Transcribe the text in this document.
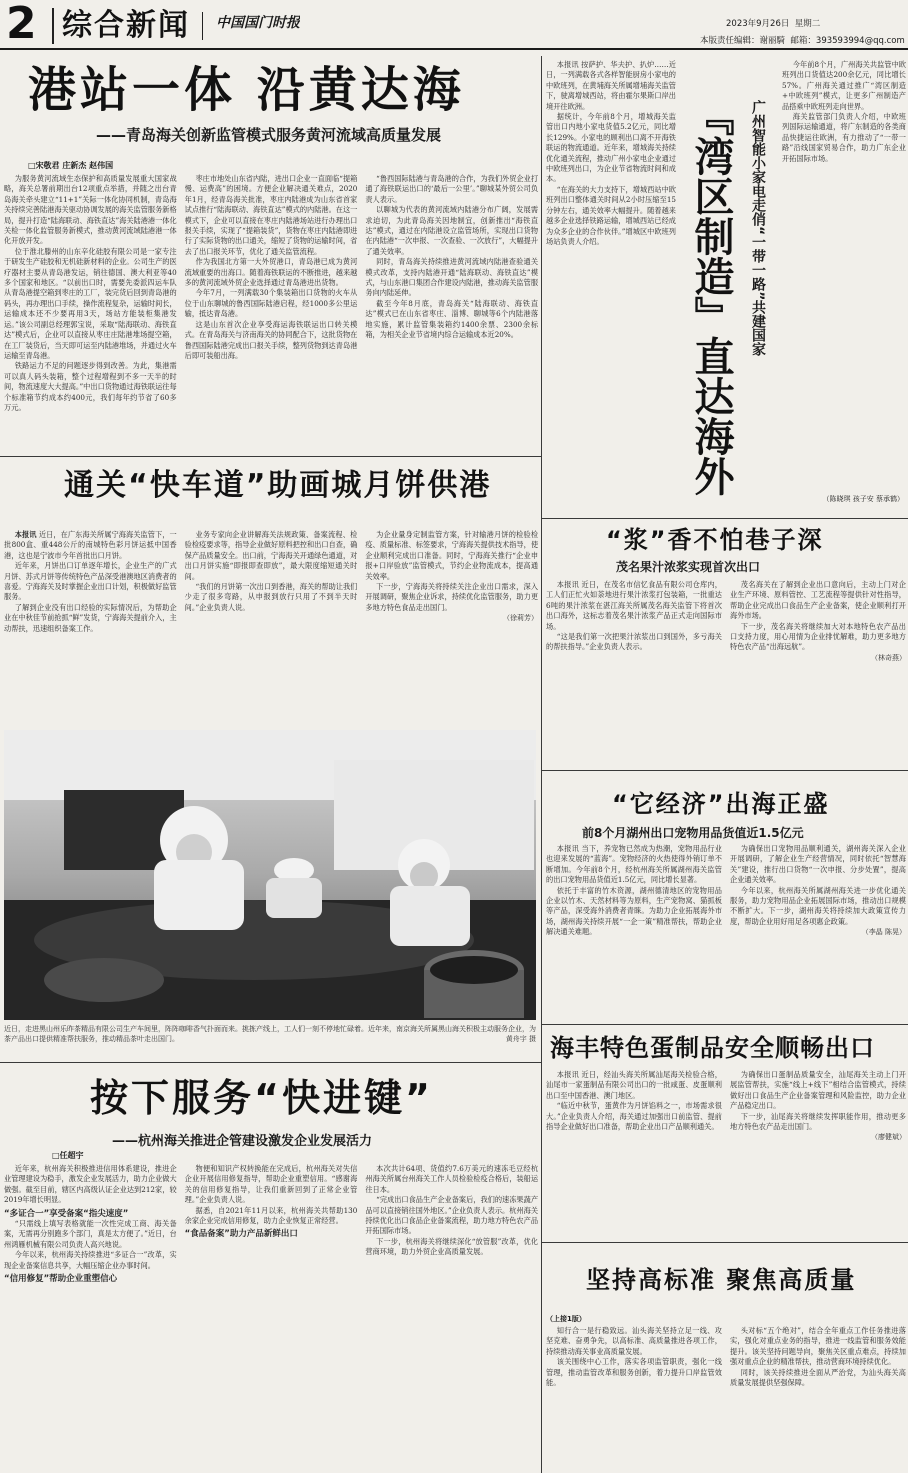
2 综合新闻 中国国门时报	2023年9月26日 星期二
本版责任编辑：谢丽騎 邮箱：393593994@qq.com
港站一体 沿黄达海
——青岛海关创新监管模式服务黄河流域高质量发展
□宋敬君 庄新杰 赵伟国

为服务黄河流域生态保护和高质量发展重大国家战略，海关总署前期出台12项重点举措，并随之出台青岛海关牵头建立“11+1”关际一体化协同机制，青岛海关持续完善陆港海关驱动协调发展的海关监管服务新格局，提升打造“陆海联动、海铁直达”海关陆港港一体化关检一体化监管服务新模式，推动黄河流域陆港港一体化开放开发。

位于淮北滕州的山东辛化硅胶有限公司是一家专注于研发生产硅胶和无机硅新材料的企业。公司生产的医疗器材主要从青岛港发运，销往德国、澳大利亚等40多个国家和地区。“以前出口时，需要先委派四运车队从青岛港提空箱到枣庄的工厂，装完货后回到青岛港的码头，再办理出口手续，操作流程复杂，运输时间长，运输成本还不少要再用3天，场站方能装柜集港发运。”该公司副总经理郭宝说，采取“陆海联动、海铁直达”模式后，企业可以直接从枣庄庄陆港堆场提空箱，在工厂装货后，当天即可运至内陆港堆场，并通过火车运输至青岛港。

铁路运力不足的问题逐步得到改善。为此，集港需可以真人码头装箱，整个过程增程到不多一天半的时间，物流速度大大提高。”中出口货物通过海铁联运往每个标准箱节约成本约400元，我们每年约节省了60多万元。

枣庄市地处山东省内陆，进出口企业一直面临“提箱慢、运费高”的困境。方便企业解决通关难点，2020年1月，经青岛海关批准，枣庄内陆港成为山东省首家试点推行“陆海联动、海铁直达”模式的内陆港。在这一模式下，企业可以直接在枣庄内陆港场站进行办理出口报关手续，实现了“提箱装货”，货物在枣庄内陆港即进行了实际货物的出口通关，缩短了货物的运输时间，省去了出口报关环节，优化了通关监管流程。

作为我国北方第一大外贸港口，青岛港已成为黄河流域重要的出海口。随着海铁联运的不断推进，越来越多的黄河流域外贸企业选择通过青岛港进出货物。

今年7月，一列满载30个集装箱出口货物的火车从位于山东聊城的鲁西国际陆港启程，经1000多公里运输，抵达青岛港。

这是山东首次企业享受海运海铁联运出口转关模式。在青岛海关与济南海关的协同配合下，这批货物在鲁西国际陆港完成出口报关手续，整列货物到达青岛港后即可装船出海。

“鲁西国际陆港与青岛港的合作，为我们外贸企业打通了海铁联运出口的‘最后一公里’。”聊城某外贸公司负责人表示。

以聊城为代表的黄河流域内陆港分布广阔，发展需求迫切，为此青岛海关因地制宜，创新推出“海铁直达”模式，通过在内陆港设立监管场所，实现出口货物在内陆港“一次申报、一次查验、一次放行”，大幅提升了通关效率。

同时，青岛海关持续推进黄河流域内陆港查验通关模式改革，支持内陆港开通“陆海联动、海铁直达”模式，与山东港口集团合作建设内陆港，推动海关监管服务向内陆延伸。

截至今年8月底，青岛海关“陆海联动、海铁直达”模式已在山东省枣庄、淄博、聊城等6个内陆港落地实施，累计监管集装箱约1400余票、2300余标箱，为相关企业节省境内综合运输成本近20%。

本报讯 按萨护、华夫护、扒炉……近日，一列满载各式各样智能厨房小家电的中欧班列，在黄埔海关所属增埔海关监管下，驶离增城西站，将由霍尔果斯口岸出境开往欧洲。

据统计，今年前8个月，增城海关监管出口内地小家电货值5.2亿元，同比增长129%。小家电的顾利出口离不开海铁联运的物流通道。近年来，增城海关持续优化通关流程，推动广州小家电企业通过中欧班列出口，为企业节省物流时间和成本。

“在海关的大力支持下，增城西站中欧班列出口整体通关时间从2小时压缩至15分钟左右，通关效率大幅提升。随着越来越多企业选择铁路运输，增城西站已经成为众多企业的合作伙伴。”增城区中欧班列场站负责人介绍。	『湾区制造』直达海外 广州智能小家电走俏“一带一路”共建国家

今年前8个月，广州海关共监管中欧班列出口货值达200余亿元，同比增长57%。广州海关通过推广“湾区制造+中欧班列”模式，让更多广州制造产品搭乘中欧班列走向世界。

海关监管部门负责人介绍，中欧班列国际运输通道，将广东制造的各类商品快捷运往欧洲，有力推动了“一带一路”沿线国家贸易合作，助力广东企业开拓国际市场。

（陈晓琪 孩子安 蔡承鹤）
通关“快车道”助画城月饼供港

本报讯 近日，在广东海关所属宁海海关监管下，一批800盒、重448公斤的南城特色彩月饼运抵中国香港，这也是宁波市今年首批出口月饼。

近年来，月饼出口订单逐年增长，企业生产的广式月饼、苏式月饼等传统特色产品深受港澳地区消费者的喜爱。宁海海关及时掌握企业出口计划，积极做好监管服务。

了解到企业没有出口经验的实际情况后，为帮助企业在中秋佳节前抢抓“鲜”发货，宁海海关提前介入，主动帮扶，迅速组织备案工作。

业务专家向企业讲解海关法规政策、备案流程、检验检疫要求等，指导企业做好原料把控和出口自查，确保产品质量安全。出口前，宁海海关开通绿色通道，对出口月饼实施“即报即查即放”，最大限度缩短通关时间。

“我们的月饼第一次出口到香港，海关的帮助让我们少走了很多弯路，从申报到放行只用了不到半天时间。”企业负责人说。

为企业量身定制监管方案，针对输港月饼的检验检疫、质量标准、标签要求，宁海海关提供技术指导，使企业顺利完成出口准备。同时，宁海海关推行“企业申报+口岸验放”监管模式，节约企业物流成本，提高通关效率。

下一步，宁海海关将持续关注企业出口需求，深入开展调研，聚焦企业诉求，持续优化监管服务，助力更多地方特色食品走出国门。

（徐莉芳）
“浆”香不怕巷子深
茂名果汁浓浆实现首次出口

本报讯 近日，在茂名市信忆食品有限公司仓库内，工人们正忙火如荼地进行果汁浓浆打包装箱，一批重达6吨的果汁浓浆在湛江海关所属茂名海关监管下将首次出口海外，这标志着茂名果汁浓浆产品正式走向国际市场。

“这是我们第一次把果汁浓浆出口到国外，多亏海关的帮扶指导。”企业负责人表示。

茂名海关在了解到企业出口意向后，主动上门对企业生产环境、原料管控、工艺流程等提供针对性指导，帮助企业完成出口食品生产企业备案，使企业顺利打开海外市场。

下一步，茂名海关将继续加大对本地特色农产品出口支持力度，用心用情为企业排忧解难，助力更多地方特色农产品“出海远航”。

（林奇燕）
近日，走进黑山州乐昨茶精品有限公司生产车间里，阵阵咖啡香气扑面而来。挑拣产线上，工人们一刻不停地忙碌着。近年来，南京海关所属黑山海关积极主动服务企业，为茶产品出口提供精准帮扶服务，推动精品茶叶走出国门。	黄舟宇 摄
“它经济”出海正盛
前8个月湖州出口宠物用品货值近1.5亿元

本报讯 当下，养宠物已然成为热潮，宠物用品行业也迎来发展的“蓝海”。宠物经济的火热使得外销订单不断增加。今年前8个月，经杭州海关所属湖州海关监管的出口宠物用品货值近1.5亿元，同比增长显著。

依托于丰富的竹木资源，湖州德清地区的宠物用品企业以竹木、天然材料等为原料，生产宠物窝、猫抓板等产品，深受海外消费者青睐。为助力企业拓展海外市场，湖州海关持续开展“一企一策”精准帮扶，帮助企业解决通关难题。

为确保出口宠物用品顺利通关，湖州海关深入企业开展调研，了解企业生产经营情况，同时依托“智慧海关”建设，推行出口货物“一次申报、分步处置”，提高企业通关效率。

今年以来，杭州海关所属湖州海关进一步优化通关服务，助力宠物用品企业拓展国际市场，推动出口规模不断扩大。下一步，湖州海关将持续加大政策宣传力度，帮助企业用好用足各项惠企政策。

（李晶 陈晃）
按下服务“快进键”
——杭州海关推进企管建设激发企业发展活力
□任超宇

近年来，杭州海关积极推进信用体系建设，推进企业管理建设为稳手，激发企业发展活力，助力企业做大做强。截至目前，辖区内高级认证企业达到212家，较2019年增长明显。

“多证合一”享受备案“指尖速度”

“只需线上填写表格就能一次性完成工商、海关备案，无需再分别跑多个部门，真是太方便了。”近日，台州鸿雁机械有限公司负责人高兴地说。

今年以来，杭州海关持续推进“多证合一”改革，实现企业备案信息共享，大幅压缩企业办事时间。

“信用修复”帮助企业重塑信心

物便和知识产权转换能在完成后，杭州海关对失信企业开展信用修复指导，帮助企业重塑信用。“感谢海关的信用修复指导，让我们重新回到了正常企业管理。”企业负责人说。

据悉，自2021年11月以来，杭州海关共帮助130余家企业完成信用修复，助力企业恢复正常经营。

“食品备案”助力产品新鲜出口

本次共计64项、货值约7.6万美元的速冻毛豆经杭州海关所属台州海关工作人员检验检疫合格后，装船运往日本。

“完成出口食品生产企业备案后，我们的速冻果蔬产品可以直接销往国外地区。”企业负责人表示。杭州海关持续优化出口食品企业备案流程，助力地方特色农产品开拓国际市场。

下一步，杭州海关将继续深化“放管服”改革，优化营商环境，助力外贸企业高质量发展。

海丰特色蛋制品安全顺畅出口

本报讯 近日，经汕头海关所属汕尾海关检验合格，汕尾市一家蛋制品有限公司出口的一批咸蛋、皮蛋顺利出口至中国香港、澳门地区。

“临近中秋节，蛋黄作为月饼馅料之一，市场需求很大。”企业负责人介绍，海关通过加强出口前监管、提前指导企业做好出口准备，帮助企业出口产品顺利通关。

为确保出口蛋制品质量安全，汕尾海关主动上门开展监管帮扶，实施“线上+线下”相结合监管模式，持续做好出口食品生产企业备案管理和风险监控，助力企业产品稳定出口。

下一步，汕尾海关将继续发挥职能作用，推动更多地方特色农产品走出国门。

（廖健斌）
坚持高标准 聚焦高质量
（上接1版）

知行合一是行稳致远。汕头海关坚持立足一线、攻坚克难、奋勇争先，以高标准、高质量推进各项工作，持续推动海关事业高质量发展。

该关围绕中心工作，落实各项监管职责，强化一线管理，推动监管改革和服务创新，着力提升口岸监管效能。

头对标“五个绝对”，结合全年重点工作任务推进落实，强化对重点业务的指导，推进一线监管和服务效能提升。该关坚持问题导向，聚焦关区重点难点，持续加强对重点企业的精准帮扶，推动营商环境持续优化。

同时，该关持续推进全面从严治党，为汕头海关高质量发展提供坚强保障。
